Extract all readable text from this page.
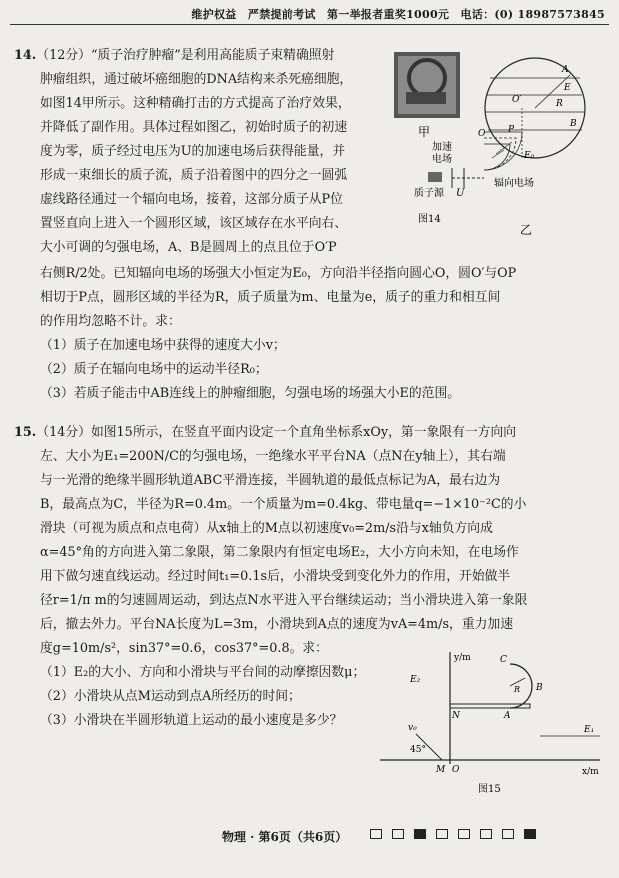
维护权益　严禁提前考试　第一举报者重奖1000元　电话：(0) 18987573845

14.（12分）“质子治疗肿瘤”是利用高能质子束精确照射

肿瘤组织，通过破坏癌细胞的DNA结构来杀死癌细胞，

如图14甲所示。这种精确打击的方式提高了治疗效果，

并降低了副作用。具体过程如图乙，初始时质子的初速

度为零，质子经过电压为U的加速电场后获得能量，并

形成一束细长的质子流，质子沿着图中的四分之一圆弧

虚线路径通过一个辐向电场，接着，这部分质子从P位

置竖直向上进入一个圆形区域，该区域存在水平向右、

大小可调的匀强电场，A、B是圆周上的点且位于O′P

右侧R/2处。已知辐向电场的场强大小恒定为E₀，方向沿半径指向圆心O，圆O′与OP

相切于P点，圆形区域的半径为R，质子质量为m、电量为e，质子的重力和相互间

的作用均忽略不计。求：

（1）质子在加速电场中获得的速度大小v；

（2）质子在辐向电场中的运动半径R₀；

（3）若质子能击中AB连线上的肿瘤细胞，匀强电场的场强大小E的范围。

甲
A
E
R
O′
B
P
O
E₀
加速
电场
质子源 U
辐向电场
乙
图14

15.（14分）如图15所示，在竖直平面内设定一个直角坐标系xOy，第一象限有一方向向

左、大小为E₁=200N/C的匀强电场，一绝缘水平平台NA（点N在y轴上），其右端

与一光滑的绝缘半圆形轨道ABC平滑连接，半圆轨道的最低点标记为A，最右边为

B，最高点为C，半径为R=0.4m。一个质量为m=0.4kg、带电量q=−1×10⁻²C的小

滑块（可视为质点和点电荷）从x轴上的M点以初速度v₀=2m/s沿与x轴负方向成

α=45°角的方向进入第二象限，第二象限内有恒定电场E₂，大小方向未知，在电场作

用下做匀速直线运动。经过时间t₁=0.1s后，小滑块受到变化外力的作用，开始做半

径r=1/π m的匀速圆周运动，到达点N水平进入平台继续运动；当小滑块进入第一象限

后，撤去外力。平台NA长度为L=3m，小滑块到A点的速度为vA=4m/s，重力加速

度g=10m/s²，sin37°=0.6，cos37°=0.8。求：

（1）E₂的大小、方向和小滑块与平台间的动摩擦因数μ；

（2）小滑块从点M运动到点A所经历的时间；

（3）小滑块在半圆形轨道上运动的最小速度是多少？

y/m
x/m
E₂
C
R B
N	A
E₁
v₀
45°
M O
图15
物理 · 第6页（共6页）
